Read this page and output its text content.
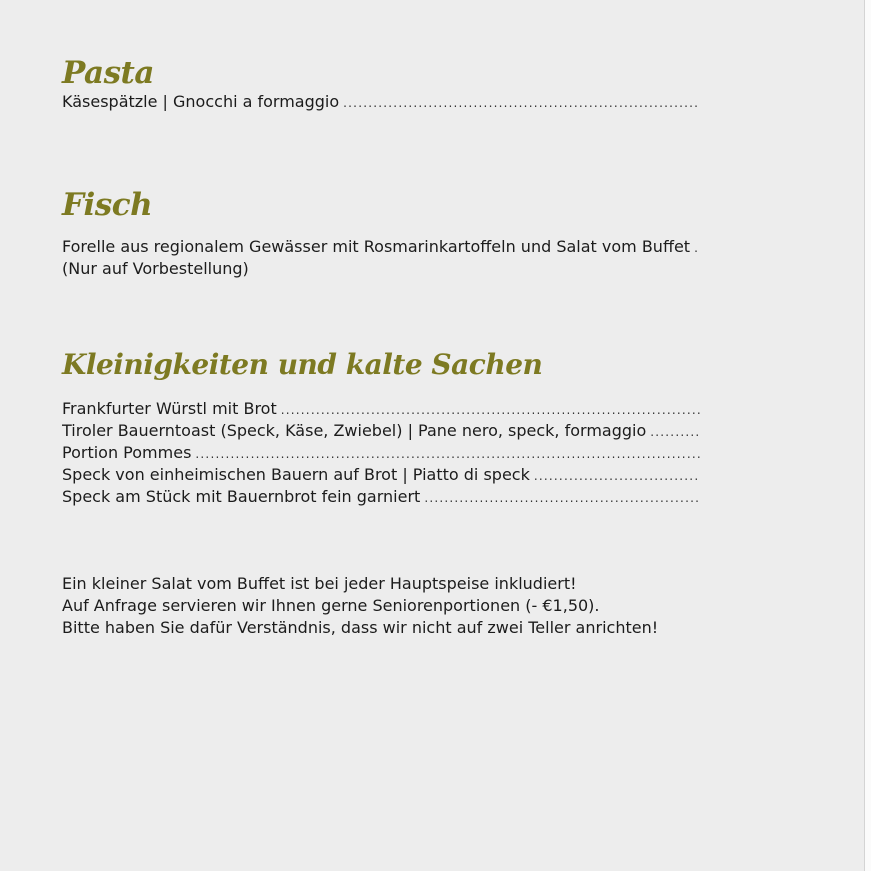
Pasta
Käsespätzle | Gnocchi a formaggio
.....
Fisch
Forelle aus regionalem Gewässer mit Rosmarinkartoffeln und Salat vom Buffet
.....
(Nur auf Vorbestellung)
Kleinigkeiten und kalte Sachen
Frankfurter Würstl mit Brot
.....
Tiroler Bauerntoast (Speck, Käse, Zwiebel) | Pane nero, speck, formaggio
.....
Portion Pommes
.....
Speck von einheimischen Bauern auf Brot | Piatto di speck
.....
Speck am Stück mit Bauernbrot fein garniert
.....
Ein kleiner Salat vom Buffet ist bei jeder Hauptspeise inkludiert!
Auf Anfrage servieren wir Ihnen gerne Seniorenportionen (- €1,50).
Bitte haben Sie dafür Verständnis, dass wir nicht auf zwei Teller anrichten!
